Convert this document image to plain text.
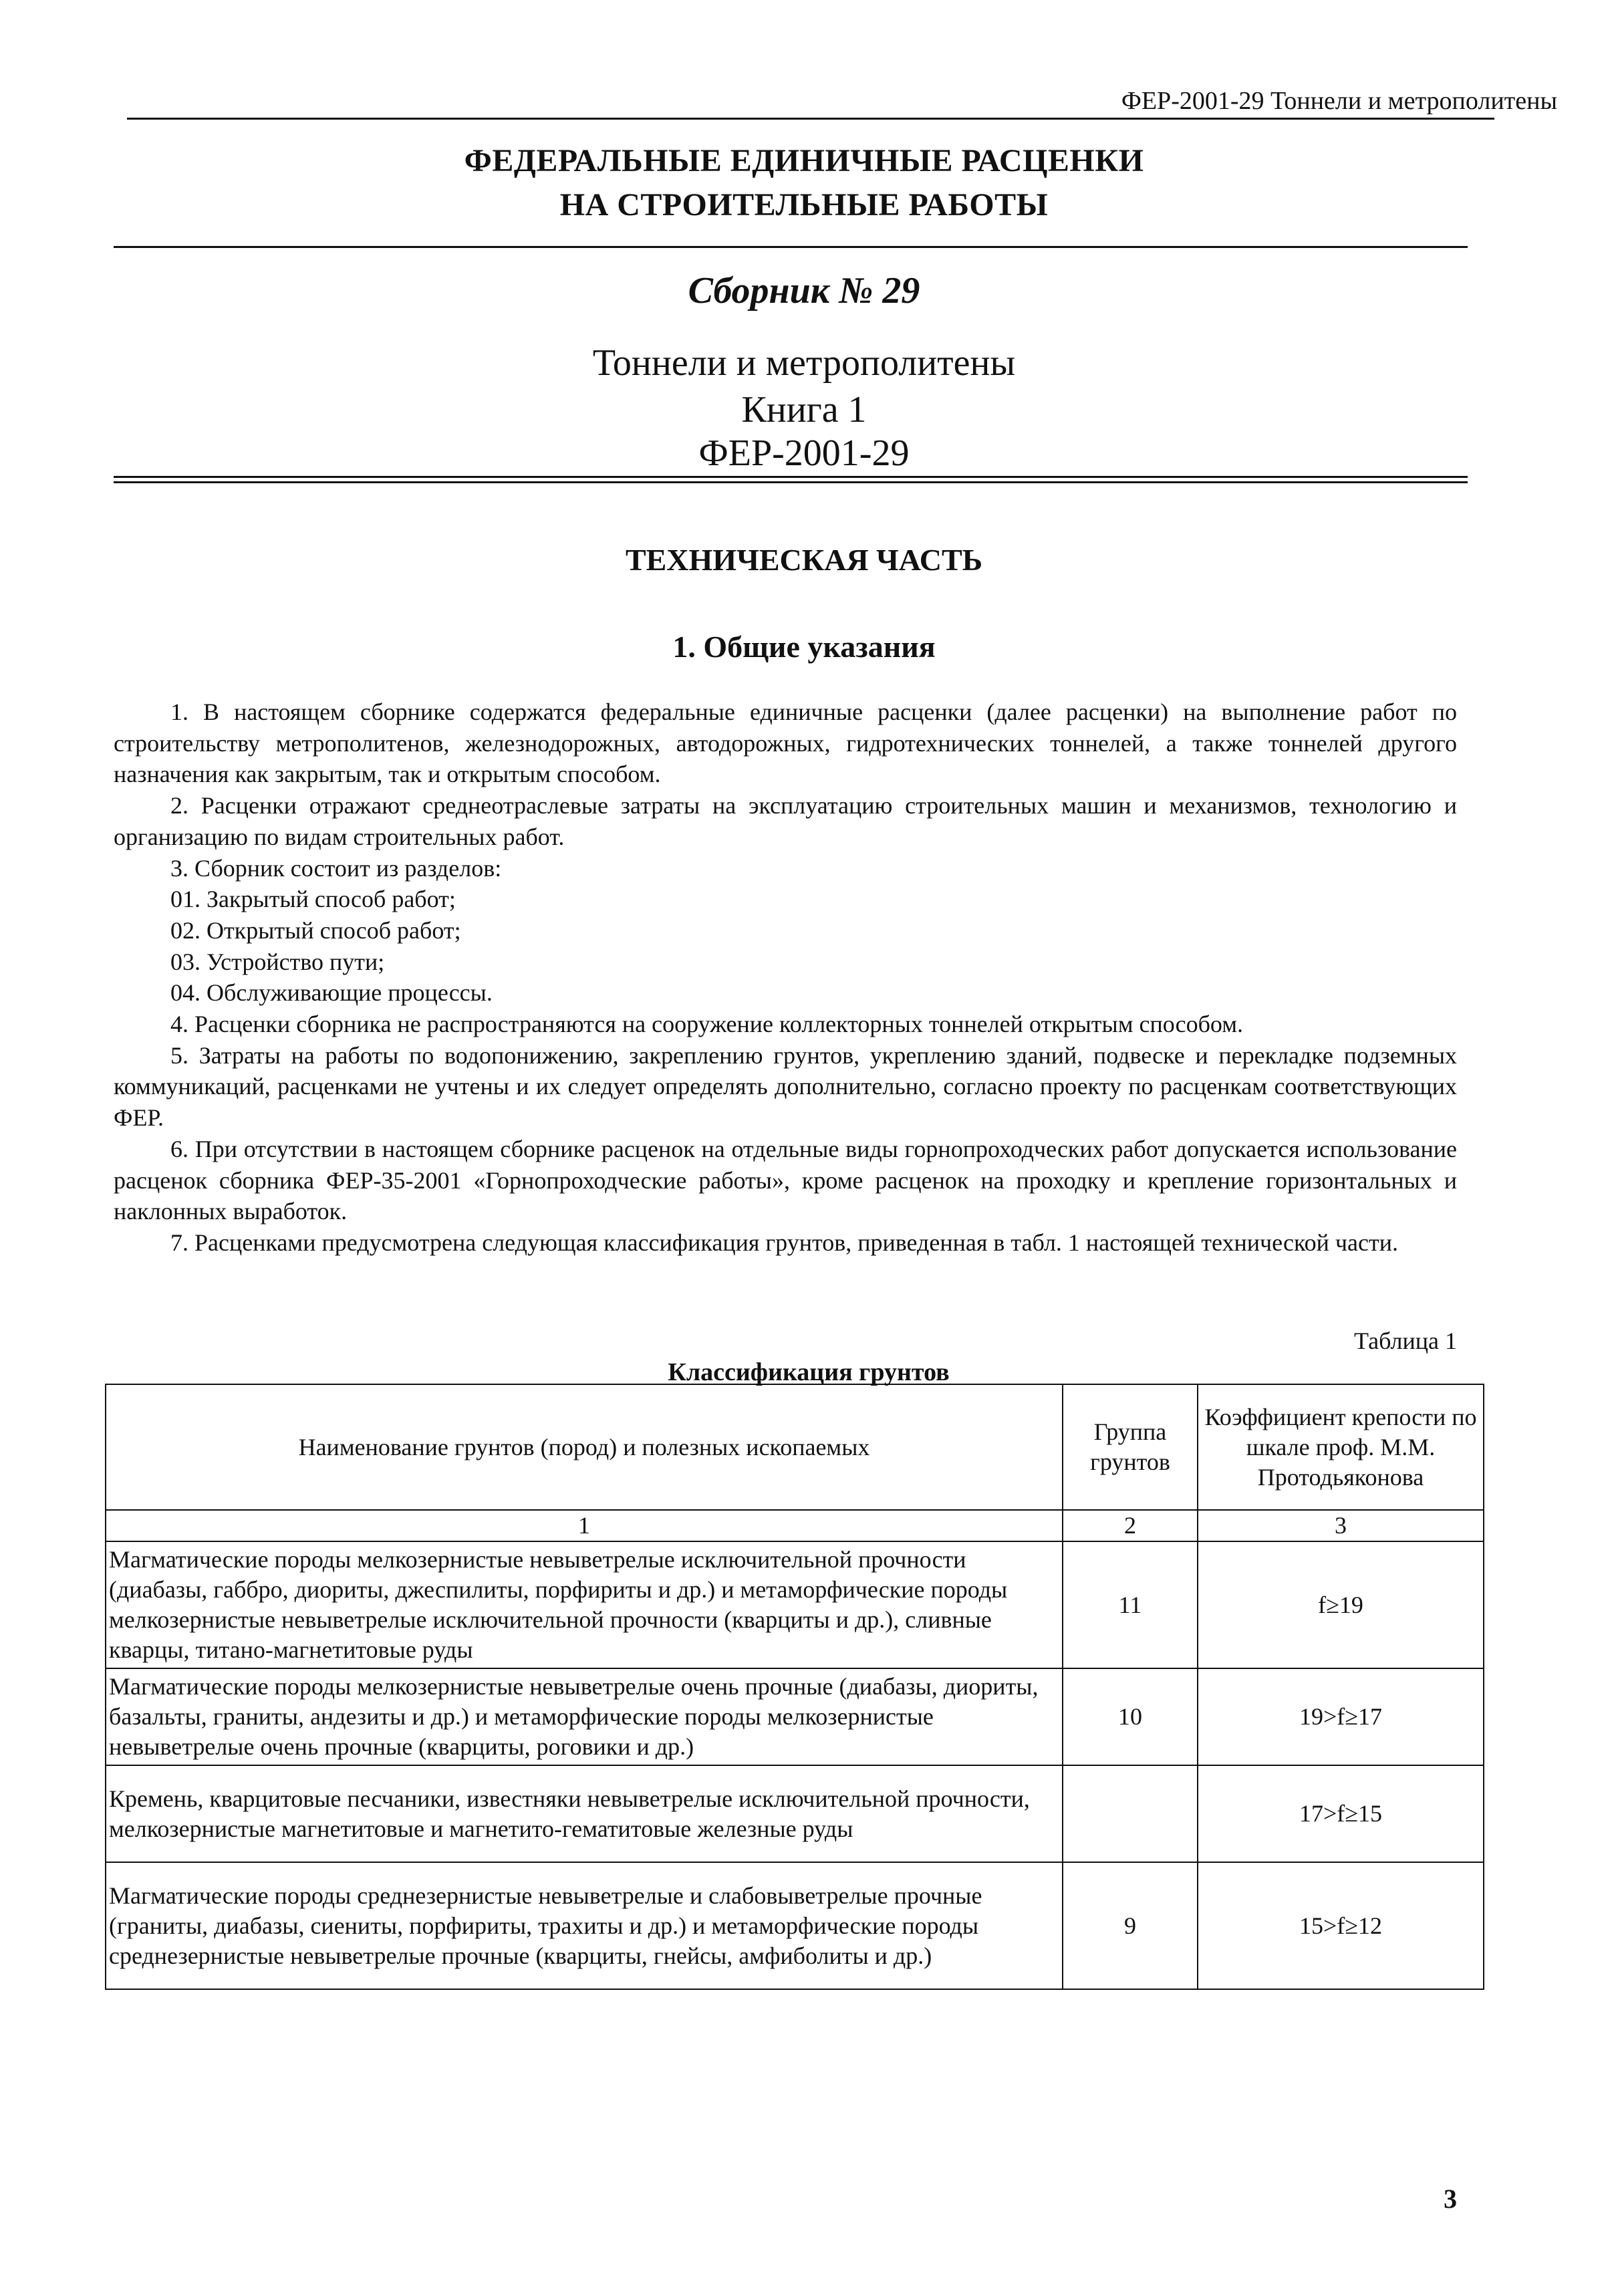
ФЕР-2001-29 Тоннели и метрополитены
ФЕДЕРАЛЬНЫЕ ЕДИНИЧНЫЕ РАСЦЕНКИ
НА СТРОИТЕЛЬНЫЕ РАБОТЫ
Сборник № 29
Тоннели и метрополитены
Книга 1
ФЕР-2001-29
ТЕХНИЧЕСКАЯ ЧАСТЬ
1. Общие указания

1. В настоящем сборнике содержатся федеральные единичные расценки (далее расценки) на выполнение работ по строительству метрополитенов, железнодорожных, автодорожных, гидротехнических тоннелей, а также тоннелей другого назначения как закрытым, так и открытым способом.

2. Расценки отражают среднеотраслевые затраты на эксплуатацию строительных машин и механизмов, технологию и организацию по видам строительных работ.

3. Сборник состоит из разделов:

01. Закрытый способ работ;

02. Открытый способ работ;

03. Устройство пути;

04. Обслуживающие процессы.

4. Расценки сборника не распространяются на сооружение коллекторных тоннелей открытым способом.

5. Затраты на работы по водопонижению, закреплению грунтов, укреплению зданий, подвеске и перекладке подземных коммуникаций, расценками не учтены и их следует определять дополнительно, согласно проекту по расценкам соответствующих ФЕР.

6. При отсутствии в настоящем сборнике расценок на отдельные виды горнопроходческих работ допускается использование расценок сборника ФЕР-35-2001 «Горнопроходческие работы», кроме расценок на проходку и крепление горизонтальных и наклонных выработок.

7. Расценками предусмотрена следующая классификация грунтов, приведенная в табл. 1 настоящей технической части.

Таблица 1
Классификация грунтов
Наименование грунтов (пород) и полезных ископаемых	Группа грунтов	Коэффициент крепости по шкале проф. М.М. Протодьяконова
1	2	3
Магматические породы мелкозернистые невыветрелые исключительной прочности (диабазы, габбро, диориты, джеспилиты, порфириты и др.) и метаморфические породы мелкозернистые невыветрелые исключительной прочности (кварциты и др.), сливные кварцы, титано-магнетитовые руды	11	f≥19
Магматические породы мелкозернистые невыветрелые очень прочные (диабазы, диориты, базальты, граниты, андезиты и др.) и метаморфические породы мелкозернистые невыветрелые очень прочные (кварциты, роговики и др.)	10	19>f≥17
Кремень, кварцитовые песчаники, известняки невыветрелые исключительной прочности, мелкозернистые магнетитовые и магнетито-гематитовые железные руды		17>f≥15
Магматические породы среднезернистые невыветрелые и слабовыветрелые прочные (граниты, диабазы, сиениты, порфириты, трахиты и др.) и метаморфические породы среднезернистые невыветрелые прочные (кварциты, гнейсы, амфиболиты и др.)	9	15>f≥12
3
